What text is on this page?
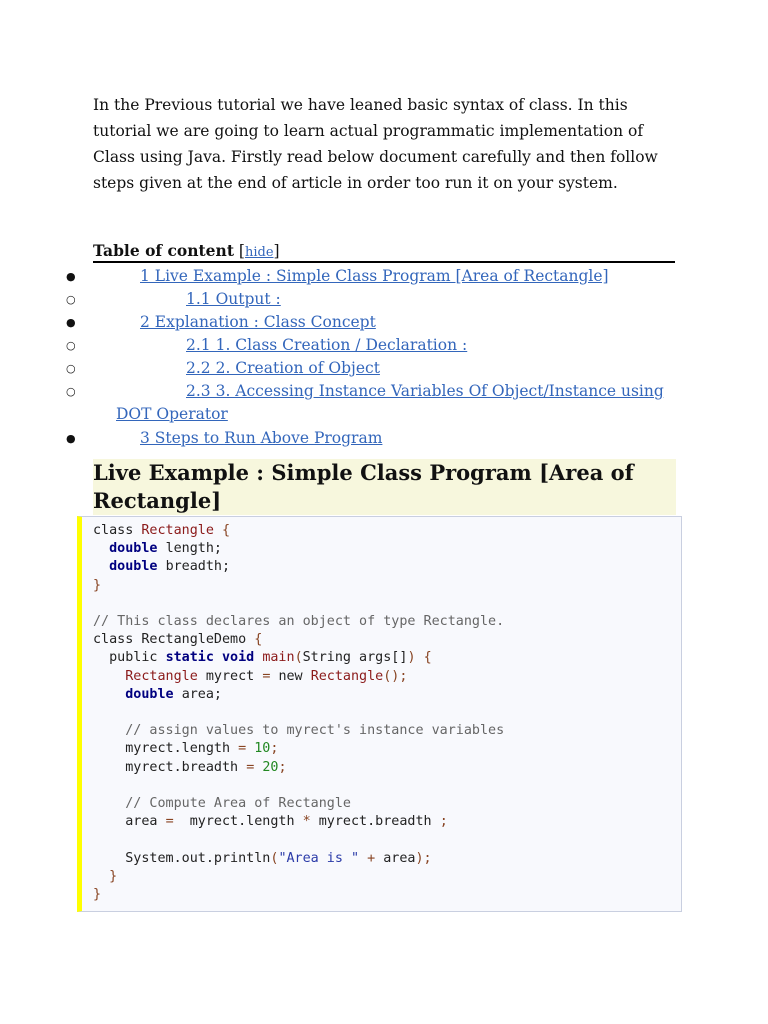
In the Previous tutorial we have leaned basic syntax of class. In this tutorial we are going to learn actual programmatic implementation of Class using Java. Firstly read below document carefully and then follow steps given at the end of article in order too run it on your system.

Table of content [hide]
●	1 Live Example : Simple Class Program [Area of Rectangle]
○	1.1 Output :
●	2 Explanation : Class Concept
○	2.1 1. Class Creation / Declaration :
○	2.2 2. Creation of Object
○	2.3 3. Accessing Instance Variables Of Object/Instance using
DOT Operator
●	3 Steps to Run Above Program
Live Example : Simple Class Program [Area of Rectangle]
class Rectangle {
double length;
double breadth;
}

// This class declares an object of type Rectangle.
class RectangleDemo {
public static void main(String args[]) {
Rectangle myrect = new Rectangle();
double area;

// assign values to myrect's instance variables
myrect.length = 10;
myrect.breadth = 20;

// Compute Area of Rectangle
area = myrect.length * myrect.breadth ;

System.out.println("Area is " + area);
}
}
